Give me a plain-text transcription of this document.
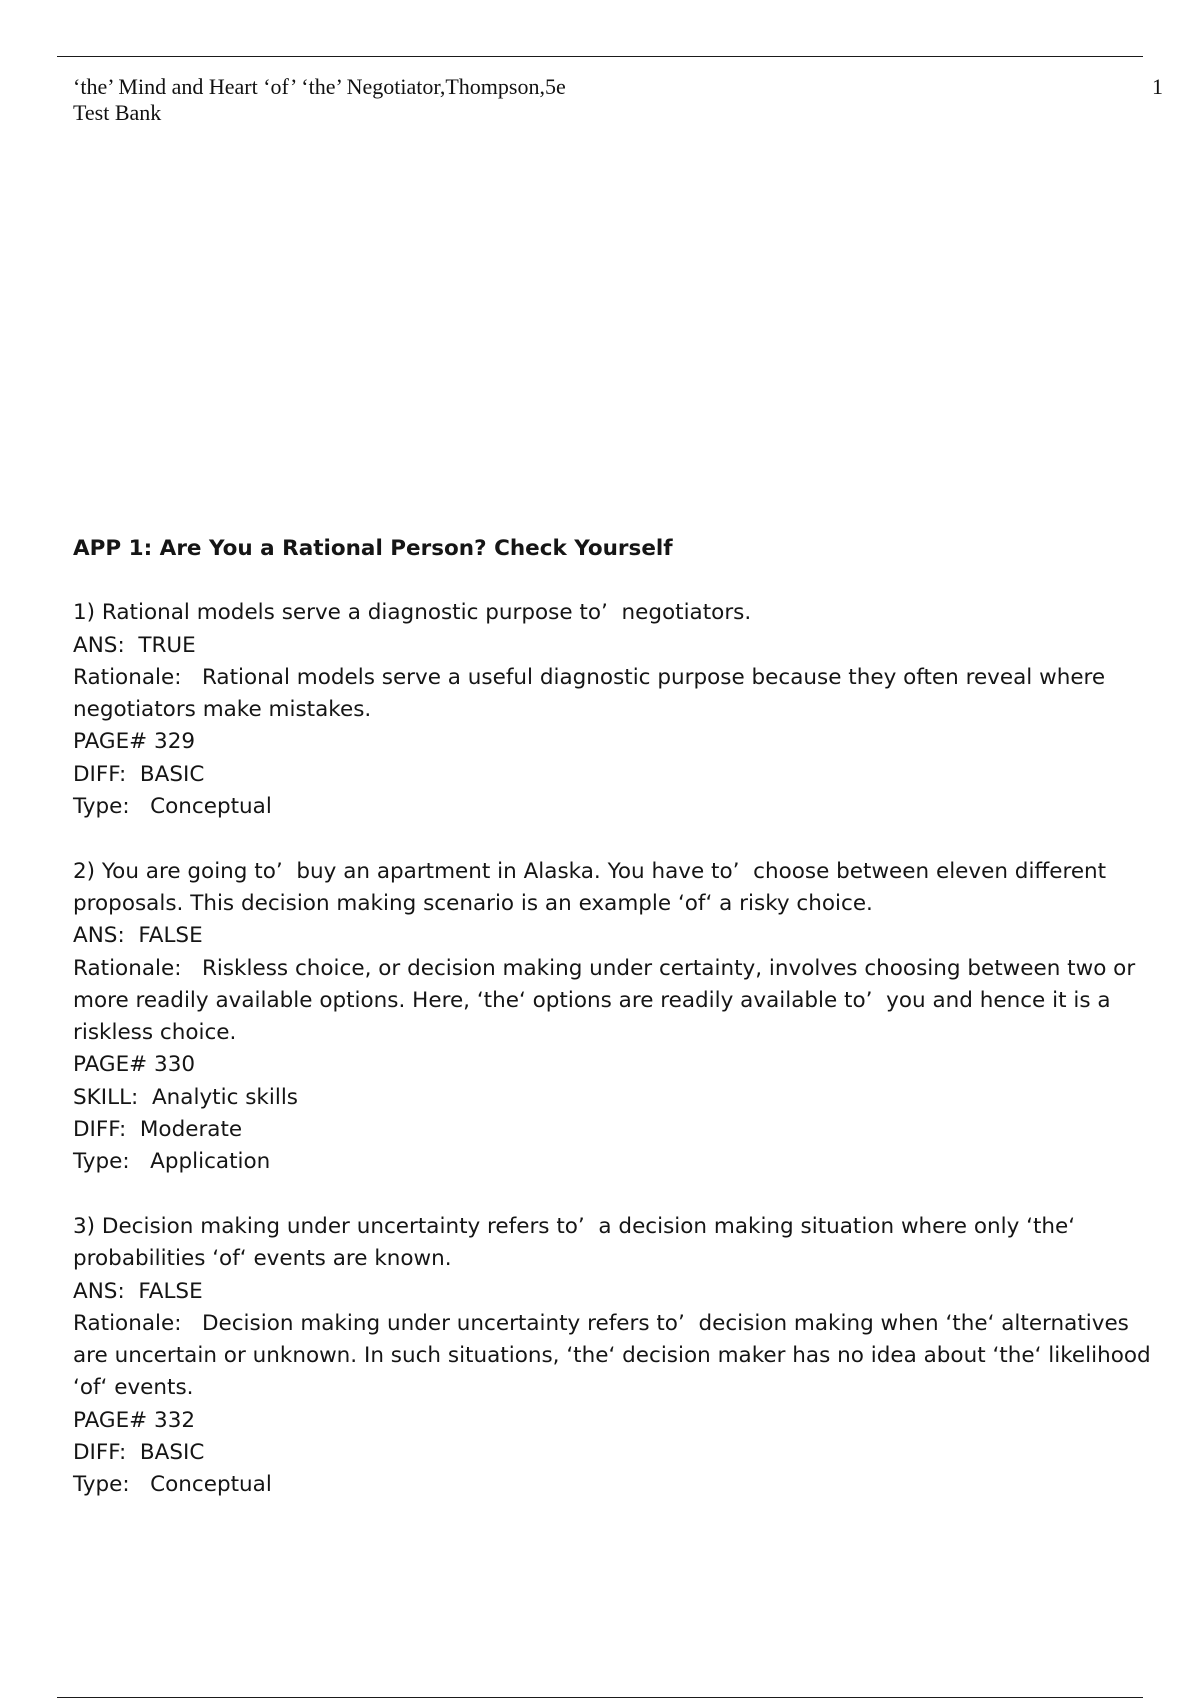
‘the’ Mind and Heart ‘of’ ‘the’ Negotiator,Thompson,5e
Test Bank
1
APP 1: Are You a Rational Person? Check Yourself

1) Rational models serve a diagnostic purpose to’  negotiators.

ANS:  TRUE

Rationale:   Rational models serve a useful diagnostic purpose because they often reveal where negotiators make mistakes.

PAGE# 329

DIFF:  BASIC

Type:   Conceptual

2) You are going to’  buy an apartment in Alaska. You have to’  choose between eleven different proposals. This decision making scenario is an example ‘of‘ a risky choice.

ANS:  FALSE

Rationale:   Riskless choice, or decision making under certainty, involves choosing between two or more readily available options. Here, ‘the‘ options are readily available to’  you and hence it is a riskless choice.

PAGE# 330

SKILL:  Analytic skills

DIFF:  Moderate

Type:   Application

3) Decision making under uncertainty refers to’  a decision making situation where only ‘the‘ probabilities ‘of‘ events are known.

ANS:  FALSE

Rationale:   Decision making under uncertainty refers to’  decision making when ‘the‘ alternatives are uncertain or unknown. In such situations, ‘the‘ decision maker has no idea about ‘the‘ likelihood ‘of‘ events.

PAGE# 332

DIFF:  BASIC

Type:   Conceptual
